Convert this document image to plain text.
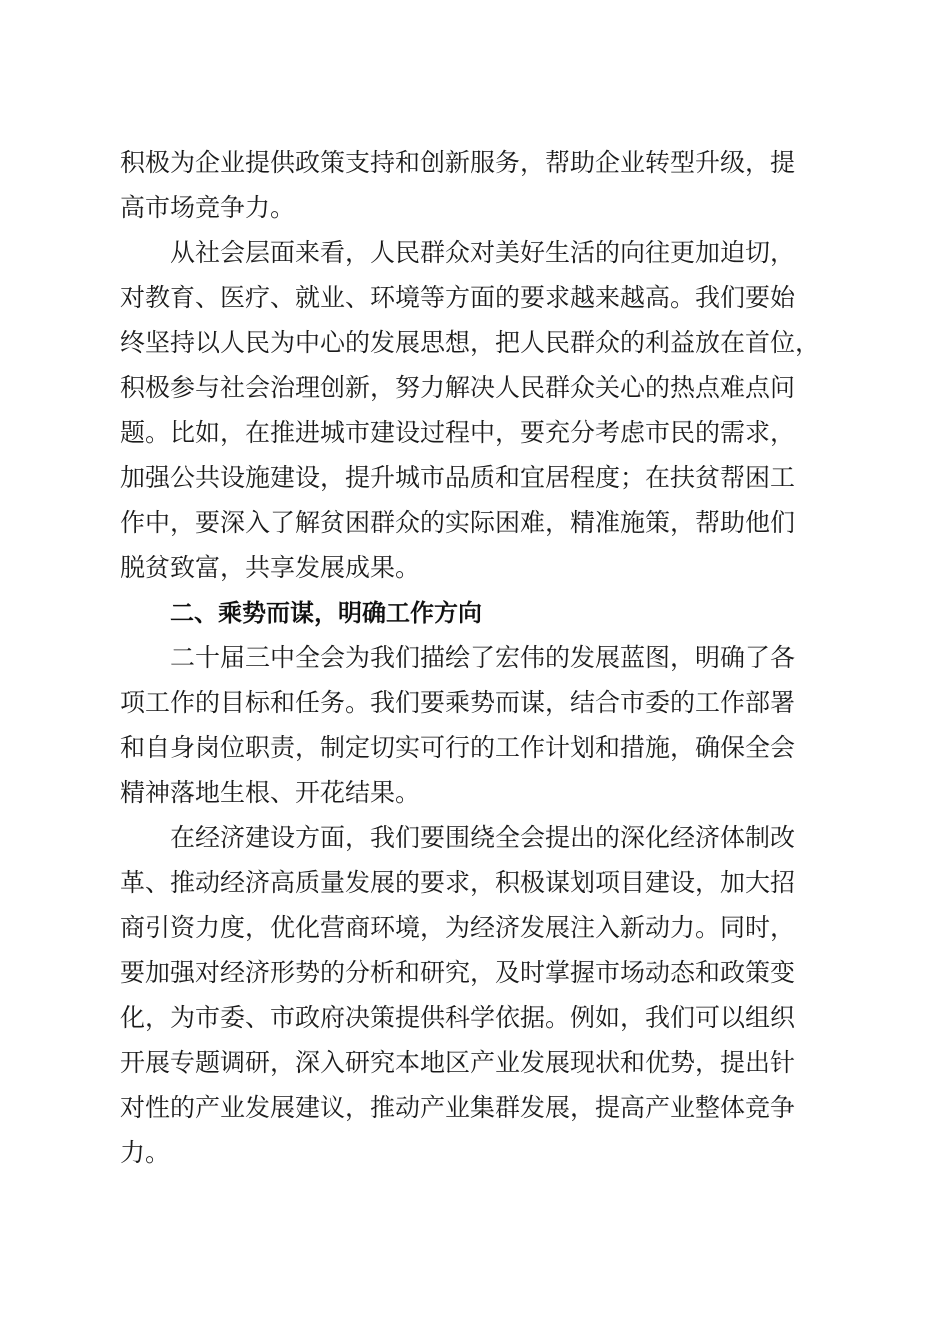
积极为企业提供政策支持和创新服务，帮助企业转型升级，提
高市场竞争力。
从社会层面来看，人民群众对美好生活的向往更加迫切，
对教育、医疗、就业、环境等方面的要求越来越高。我们要始
终坚持以人民为中心的发展思想，把人民群众的利益放在首位，
积极参与社会治理创新，努力解决人民群众关心的热点难点问
题。比如，在推进城市建设过程中，要充分考虑市民的需求，
加强公共设施建设，提升城市品质和宜居程度；在扶贫帮困工
作中，要深入了解贫困群众的实际困难，精准施策，帮助他们
脱贫致富，共享发展成果。
二、乘势而谋，明确工作方向
二十届三中全会为我们描绘了宏伟的发展蓝图，明确了各
项工作的目标和任务。我们要乘势而谋，结合市委的工作部署
和自身岗位职责，制定切实可行的工作计划和措施，确保全会
精神落地生根、开花结果。
在经济建设方面，我们要围绕全会提出的深化经济体制改
革、推动经济高质量发展的要求，积极谋划项目建设，加大招
商引资力度，优化营商环境，为经济发展注入新动力。同时，
要加强对经济形势的分析和研究，及时掌握市场动态和政策变
化，为市委、市政府决策提供科学依据。例如，我们可以组织
开展专题调研，深入研究本地区产业发展现状和优势，提出针
对性的产业发展建议，推动产业集群发展，提高产业整体竞争
力。
